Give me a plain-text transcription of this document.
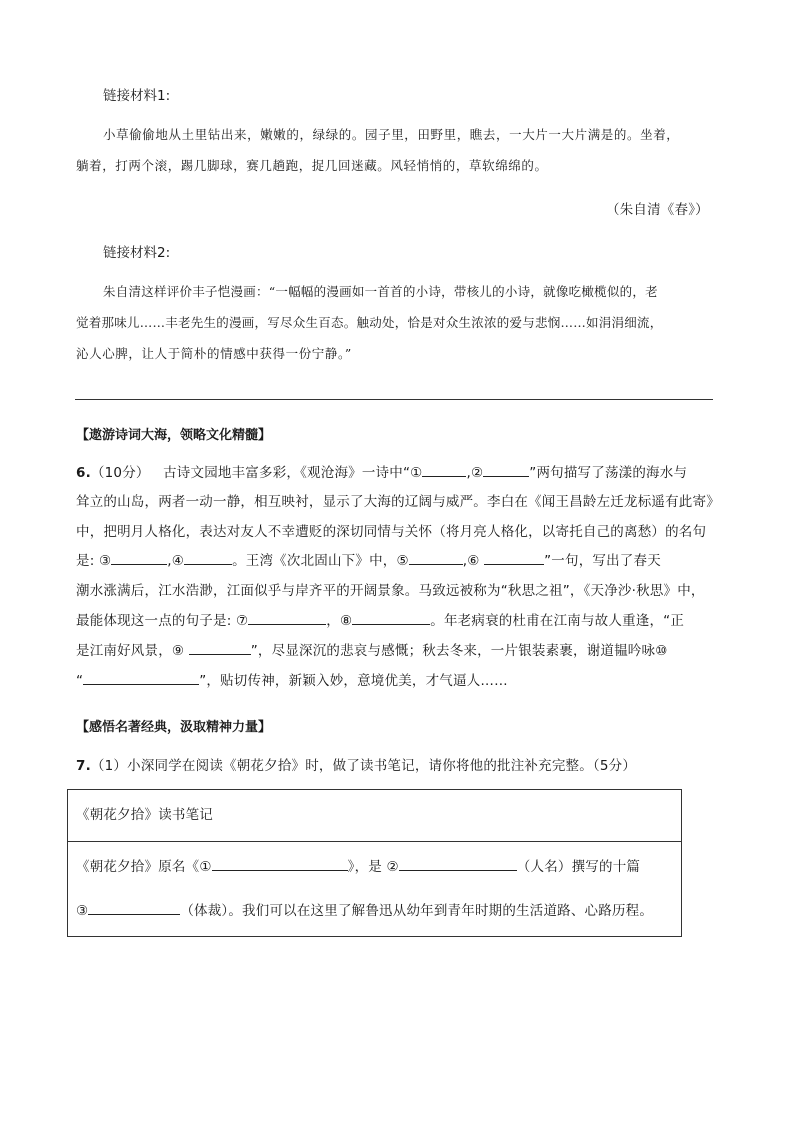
链接材料1:
小草偷偷地从土里钻出来，嫩嫩的，绿绿的。园子里，田野里，瞧去，一大片一大片满是的。坐着，
躺着，打两个滚，踢几脚球，赛几趟跑，捉几回迷藏。风轻悄悄的，草软绵绵的。
（朱自清《春》）
链接材料2:
朱自清这样评价丰子恺漫画：“一幅幅的漫画如一首首的小诗，带核儿的小诗，就像吃橄榄似的，老
觉着那味儿……丰老先生的漫画，写尽众生百态。触动处，恰是对众生浓浓的爱与悲悯……如涓涓细流，
沁人心脾，让人于简朴的情感中获得一份宁静。”
【遨游诗词大海，领略文化精髓】
6.（10分） 古诗文园地丰富多彩，《观沧海》一诗中“①	,②	”两句描写了荡漾的海水与
耸立的山岛，两者一动一静，相互映衬，显示了大海的辽阔与威严。李白在《闻王昌龄左迁龙标遥有此寄》
中，把明月人格化，表达对友人不幸遭贬的深切同情与关怀（将月亮人格化，以寄托自己的离愁）的名句
是: ③	,④	。王湾《次北固山下》中，⑤	,⑥	”一句，写出了春天
潮水涨满后，江水浩渺，江面似乎与岸齐平的开阔景象。马致远被称为“秋思之祖”，《天净沙·秋思》中，
最能体现这一点的句子是: ⑦	，⑧	。年老病衰的杜甫在江南与故人重逢，“正
是江南好风景，⑨	”，尽显深沉的悲哀与感慨；秋去冬来，一片银装素裹，谢道韫吟咏⑩
“	”，贴切传神，新颖入妙，意境优美，才气逼人……
【感悟名著经典，汲取精神力量】
7.（1）小深同学在阅读《朝花夕拾》时，做了读书笔记，请你将他的批注补充完整。（5分）
《朝花夕拾》读书笔记
《朝花夕拾》原名《①	》，是 ②	（人名）撰写的十篇
③	（体裁）。我们可以在这里了解鲁迅从幼年到青年时期的生活道路、心路历程。
